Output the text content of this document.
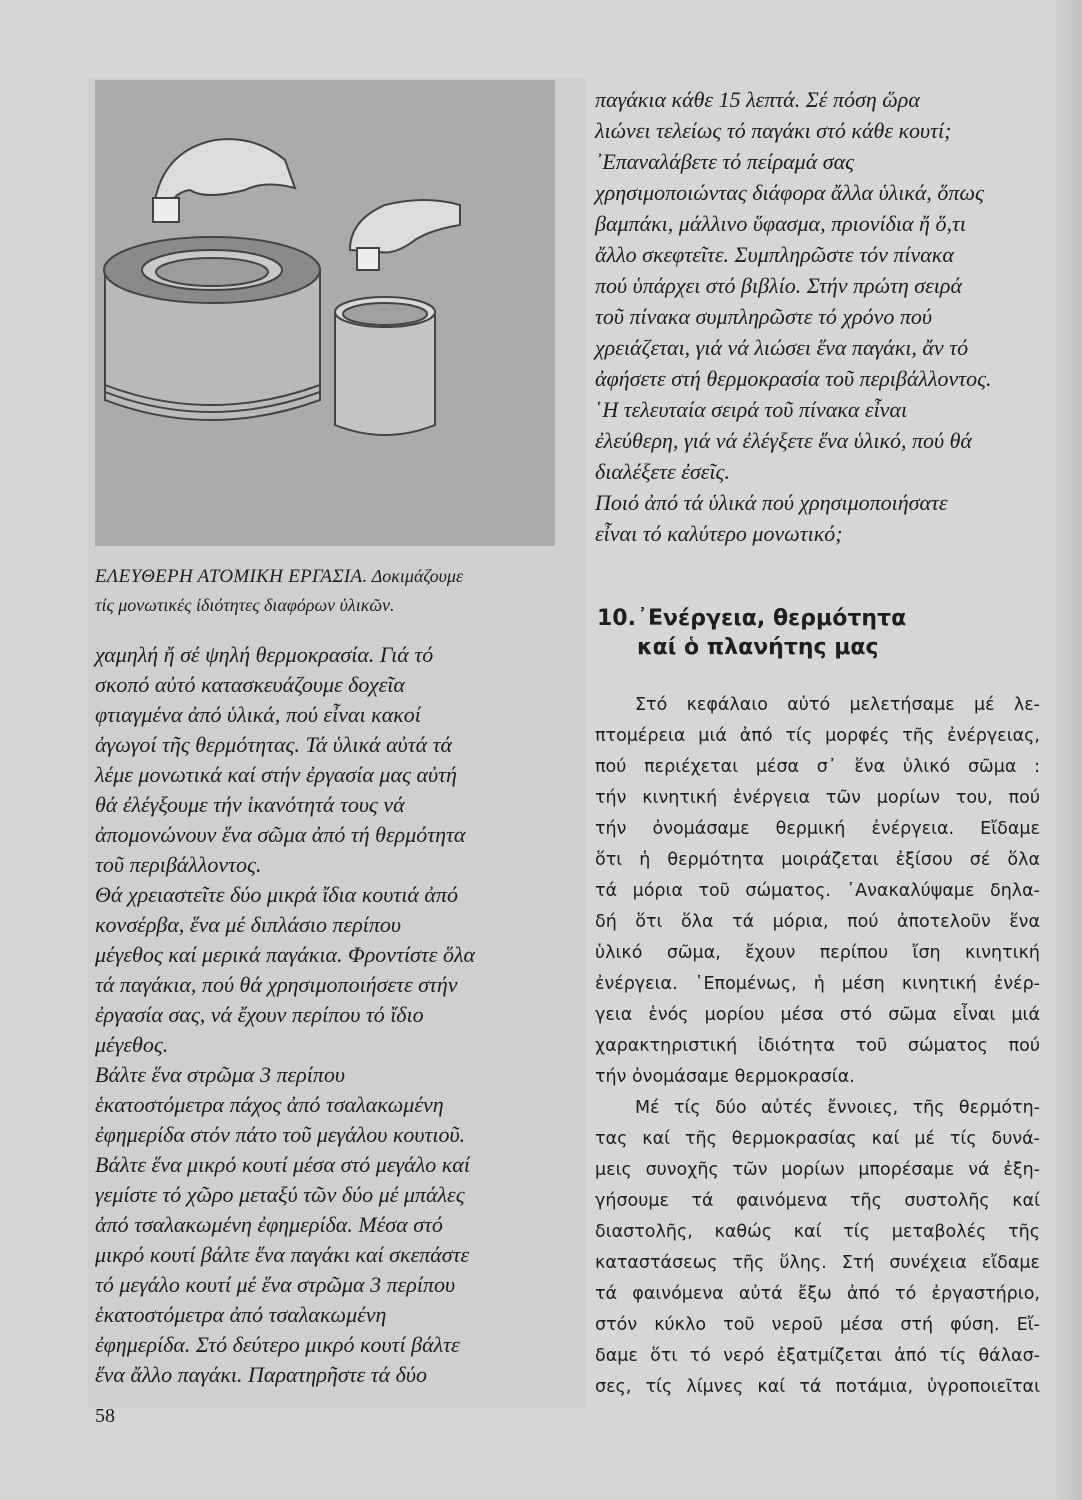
ΕΛΕΥΘΕΡΗ ΑΤΟΜΙΚΗ ΕΡΓΑΣΙΑ. Δοκιμάζουμε
τίς μονωτικές ἰδιότητες διαφόρων ὑλικῶν.
χαμηλή ἤ σέ ψηλή θερμοκρασία. Γιά τό
σκοπό αὐτό κατασκευάζουμε δοχεῖα
φτιαγμένα ἀπό ὑλικά, πού εἶναι κακοί
ἀγωγοί τῆς θερμότητας. Τά ὑλικά αὐτά τά
λέμε μονωτικά καί στήν ἐργασία μας αὐτή
θά ἐλέγξουμε τήν ἱκανότητά τους νά
ἀπομονώνουν ἕνα σῶμα ἀπό τή θερμότητα
τοῦ περιβάλλοντος.
Θά χρειαστεῖτε δύο μικρά ἴδια κουτιά ἀπό
κονσέρβα, ἕνα μέ διπλάσιο περίπου
μέγεθος καί μερικά παγάκια. Φροντίστε ὅλα
τά παγάκια, πού θά χρησιμοποιήσετε στήν
ἐργασία σας, νά ἔχουν περίπου τό ἴδιο
μέγεθος.
Βάλτε ἕνα στρῶμα 3 περίπου
ἑκατοστόμετρα πάχος ἀπό τσαλακωμένη
ἐφημερίδα στόν πάτο τοῦ μεγάλου κουτιοῦ.
Βάλτε ἕνα μικρό κουτί μέσα στό μεγάλο καί
γεμίστε τό χῶρο μεταξύ τῶν δύο μέ μπάλες
ἀπό τσαλακωμένη ἐφημερίδα. Μέσα στό
μικρό κουτί βάλτε ἕνα παγάκι καί σκεπάστε
τό μεγάλο κουτί μέ ἕνα στρῶμα 3 περίπου
ἑκατοστόμετρα ἀπό τσαλακωμένη
ἐφημερίδα. Στό δεύτερο μικρό κουτί βάλτε
ἕνα ἄλλο παγάκι. Παρατηρῆστε τά δύο
παγάκια κάθε 15 λεπτά. Σέ πόση ὥρα
λιώνει τελείως τό παγάκι στό κάθε κουτί;
᾿Επαναλάβετε τό πείραμά σας
χρησιμοποιώντας διάφορα ἄλλα ὑλικά, ὅπως
βαμπάκι, μάλλινο ὕφασμα, πριονίδια ἤ ὅ,τι
ἄλλο σκεφτεῖτε. Συμπληρῶστε τόν πίνακα
πού ὑπάρχει στό βιβλίο. Στήν πρώτη σειρά
τοῦ πίνακα συμπληρῶστε τό χρόνο πού
χρειάζεται, γιά νά λιώσει ἕνα παγάκι, ἄν τό
ἀφήσετε στή θερμοκρασία τοῦ περιβάλλοντος.
῾Η τελευταία σειρά τοῦ πίνακα εἶναι
ἐλεύθερη, γιά νά ἐλέγξετε ἕνα ὑλικό, πού θά
διαλέξετε ἐσεῖς.
Ποιό ἀπό τά ὑλικά πού χρησιμοποιήσατε
εἶναι τό καλύτερο μονωτικό;
10.᾿Ενέργεια, θερμότητα
καί ὁ πλανήτης μας
Στό κεφάλαιο αὐτό μελετήσαμε μέ λε-
πτομέρεια μιά ἀπό τίς μορφές τῆς ἐνέργειας,
πού περιέχεται μέσα σ᾿ ἕνα ὑλικό σῶμα :
τήν κινητική ἐνέργεια τῶν μορίων του, πού
τήν ὀνομάσαμε θερμική ἐνέργεια. Εἴδαμε
ὅτι ἡ θερμότητα μοιράζεται ἐξίσου σέ ὅλα
τά μόρια τοῦ σώματος. ᾿Ανακαλύψαμε δηλα-
δή ὅτι ὅλα τά μόρια, πού ἀποτελοῦν ἕνα
ὑλικό σῶμα, ἔχουν περίπου ἴση κινητική
ἐνέργεια. ῾Επομένως, ἡ μέση κινητική ἐνέρ-
γεια ἑνός μορίου μέσα στό σῶμα εἶναι μιά
χαρακτηριστική ἰδιότητα τοῦ σώματος πού
τήν ὀνομάσαμε θερμοκρασία.
Μέ τίς δύο αὐτές ἔννοιες, τῆς θερμότη-
τας καί τῆς θερμοκρασίας καί μέ τίς δυνά-
μεις συνοχῆς τῶν μορίων μπορέσαμε νά ἐξη-
γήσουμε τά φαινόμενα τῆς συστολῆς καί
διαστολῆς, καθώς καί τίς μεταβολές τῆς
καταστάσεως τῆς ὕλης. Στή συνέχεια εἴδαμε
τά φαινόμενα αὐτά ἔξω ἀπό τό ἐργαστήριο,
στόν κύκλο τοῦ νεροῦ μέσα στή φύση. Εἴ-
δαμε ὅτι τό νερό ἐξατμίζεται ἀπό τίς θάλασ-
σες, τίς λίμνες καί τά ποτάμια, ὑγροποιεῖται
58
